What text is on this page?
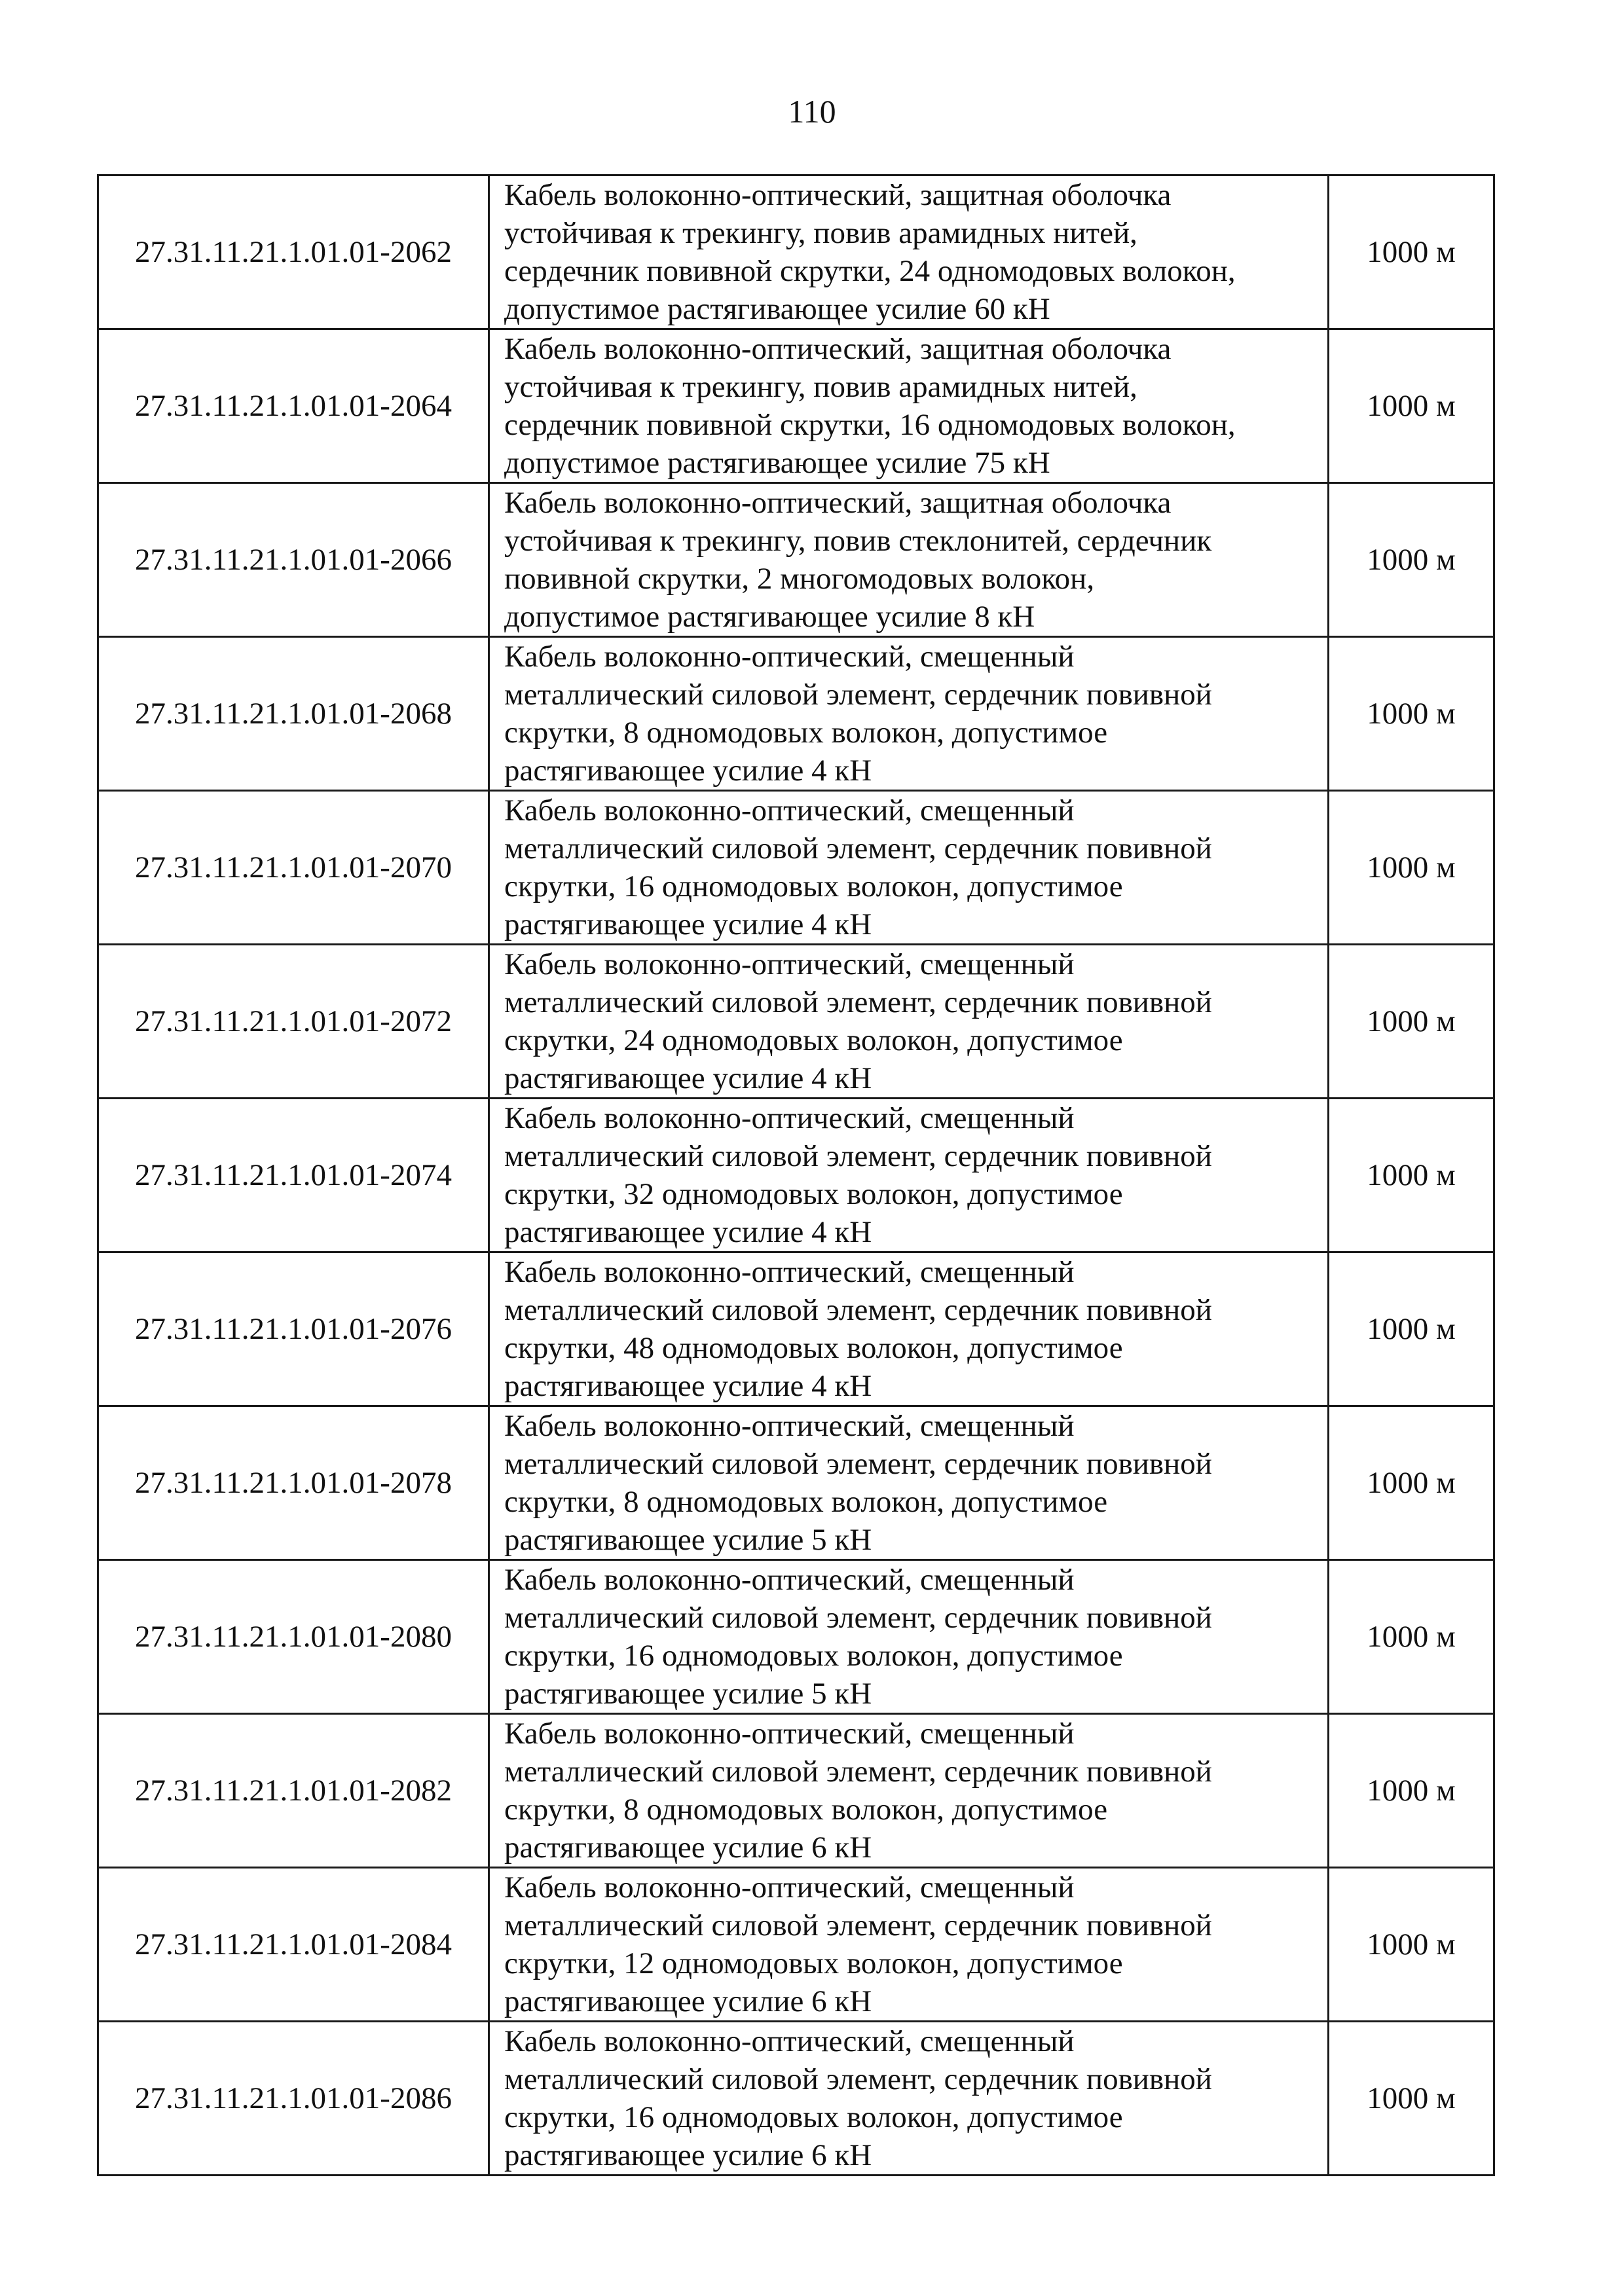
110
27.31.11.21.1.01.01-2062	Кабель волоконно-оптический, защитная оболочка
устойчивая к трекингу, повив арамидных нитей,
сердечник повивной скрутки, 24 одномодовых волокон,
допустимое растягивающее усилие 60 кН	1000 м
27.31.11.21.1.01.01-2064	Кабель волоконно-оптический, защитная оболочка
устойчивая к трекингу, повив арамидных нитей,
сердечник повивной скрутки, 16 одномодовых волокон,
допустимое растягивающее усилие 75 кН	1000 м
27.31.11.21.1.01.01-2066	Кабель волоконно-оптический, защитная оболочка
устойчивая к трекингу, повив стеклонитей, сердечник
повивной скрутки, 2 многомодовых волокон,
допустимое растягивающее усилие 8 кН	1000 м
27.31.11.21.1.01.01-2068	Кабель волоконно-оптический, смещенный
металлический силовой элемент, сердечник повивной
скрутки, 8 одномодовых волокон, допустимое
растягивающее усилие 4 кН	1000 м
27.31.11.21.1.01.01-2070	Кабель волоконно-оптический, смещенный
металлический силовой элемент, сердечник повивной
скрутки, 16 одномодовых волокон, допустимое
растягивающее усилие 4 кН	1000 м
27.31.11.21.1.01.01-2072	Кабель волоконно-оптический, смещенный
металлический силовой элемент, сердечник повивной
скрутки, 24 одномодовых волокон, допустимое
растягивающее усилие 4 кН	1000 м
27.31.11.21.1.01.01-2074	Кабель волоконно-оптический, смещенный
металлический силовой элемент, сердечник повивной
скрутки, 32 одномодовых волокон, допустимое
растягивающее усилие 4 кН	1000 м
27.31.11.21.1.01.01-2076	Кабель волоконно-оптический, смещенный
металлический силовой элемент, сердечник повивной
скрутки, 48 одномодовых волокон, допустимое
растягивающее усилие 4 кН	1000 м
27.31.11.21.1.01.01-2078	Кабель волоконно-оптический, смещенный
металлический силовой элемент, сердечник повивной
скрутки, 8 одномодовых волокон, допустимое
растягивающее усилие 5 кН	1000 м
27.31.11.21.1.01.01-2080	Кабель волоконно-оптический, смещенный
металлический силовой элемент, сердечник повивной
скрутки, 16 одномодовых волокон, допустимое
растягивающее усилие 5 кН	1000 м
27.31.11.21.1.01.01-2082	Кабель волоконно-оптический, смещенный
металлический силовой элемент, сердечник повивной
скрутки, 8 одномодовых волокон, допустимое
растягивающее усилие 6 кН	1000 м
27.31.11.21.1.01.01-2084	Кабель волоконно-оптический, смещенный
металлический силовой элемент, сердечник повивной
скрутки, 12 одномодовых волокон, допустимое
растягивающее усилие 6 кН	1000 м
27.31.11.21.1.01.01-2086	Кабель волоконно-оптический, смещенный
металлический силовой элемент, сердечник повивной
скрутки, 16 одномодовых волокон, допустимое
растягивающее усилие 6 кН	1000 м
